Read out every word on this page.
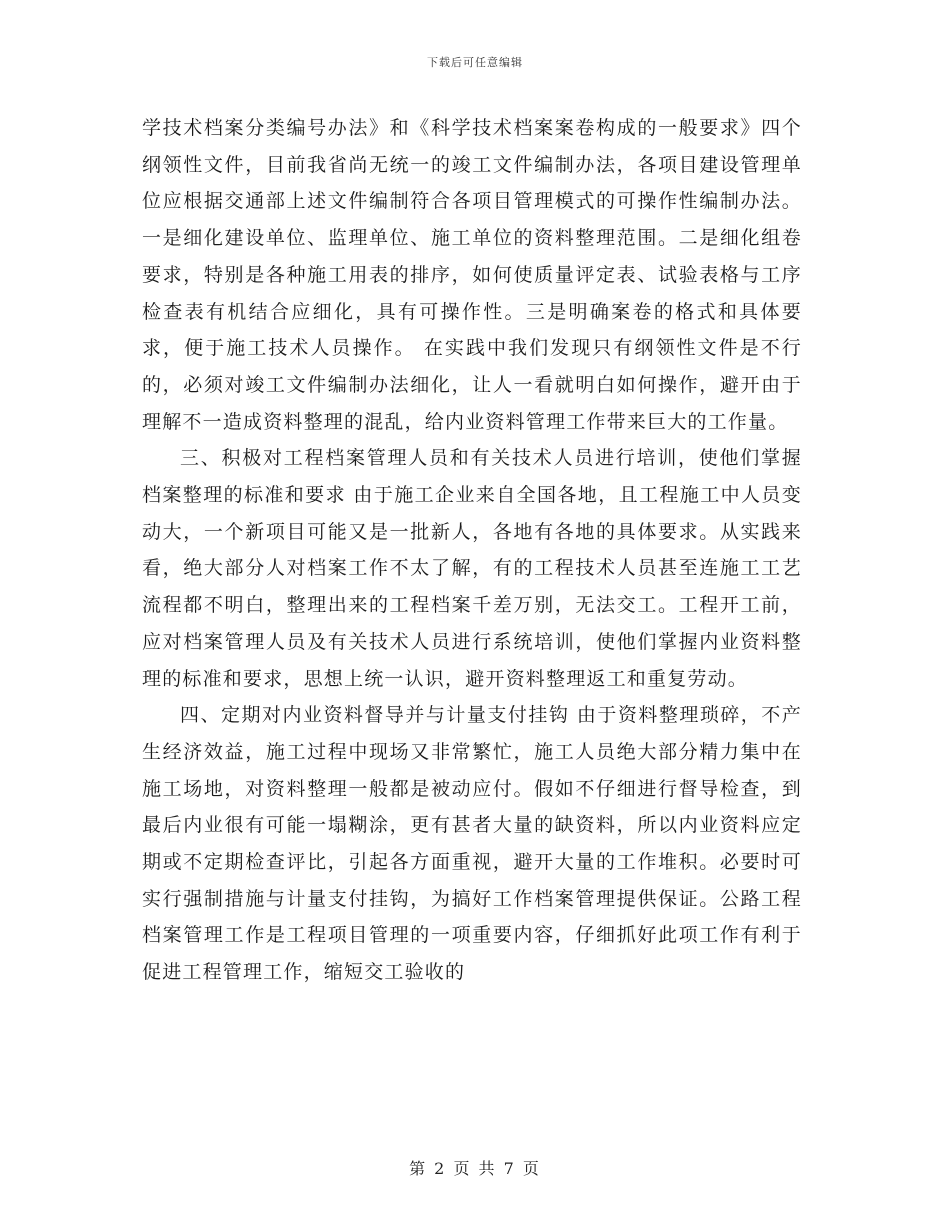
下载后可任意编辑

学技术档案分类编号办法》和《科学技术档案案卷构成的一般要求》四个纲领性文件，目前我省尚无统一的竣工文件编制办法，各项目建设管理单位应根据交通部上述文件编制符合各项目管理模式的可操作性编制办法。一是细化建设单位、监理单位、施工单位的资料整理范围。二是细化组卷要求，特别是各种施工用表的排序，如何使质量评定表、试验表格与工序检查表有机结合应细化，具有可操作性。三是明确案卷的格式和具体要求，便于施工技术人员操作。 在实践中我们发现只有纲领性文件是不行的，必须对竣工文件编制办法细化，让人一看就明白如何操作，避开由于理解不一造成资料整理的混乱，给内业资料管理工作带来巨大的工作量。

三、积极对工程档案管理人员和有关技术人员进行培训，使他们掌握档案整理的标准和要求 由于施工企业来自全国各地，且工程施工中人员变动大，一个新项目可能又是一批新人，各地有各地的具体要求。从实践来看，绝大部分人对档案工作不太了解，有的工程技术人员甚至连施工工艺流程都不明白，整理出来的工程档案千差万别，无法交工。工程开工前，应对档案管理人员及有关技术人员进行系统培训，使他们掌握内业资料整理的标准和要求，思想上统一认识，避开资料整理返工和重复劳动。

四、定期对内业资料督导并与计量支付挂钩 由于资料整理琐碎，不产生经济效益，施工过程中现场又非常繁忙，施工人员绝大部分精力集中在施工场地，对资料整理一般都是被动应付。假如不仔细进行督导检查，到最后内业很有可能一塌糊涂，更有甚者大量的缺资料，所以内业资料应定期或不定期检查评比，引起各方面重视，避开大量的工作堆积。必要时可实行强制措施与计量支付挂钩，为搞好工作档案管理提供保证。公路工程档案管理工作是工程项目管理的一项重要内容，仔细抓好此项工作有利于促进工程管理工作，缩短交工验收的

第 2 页 共 7 页
